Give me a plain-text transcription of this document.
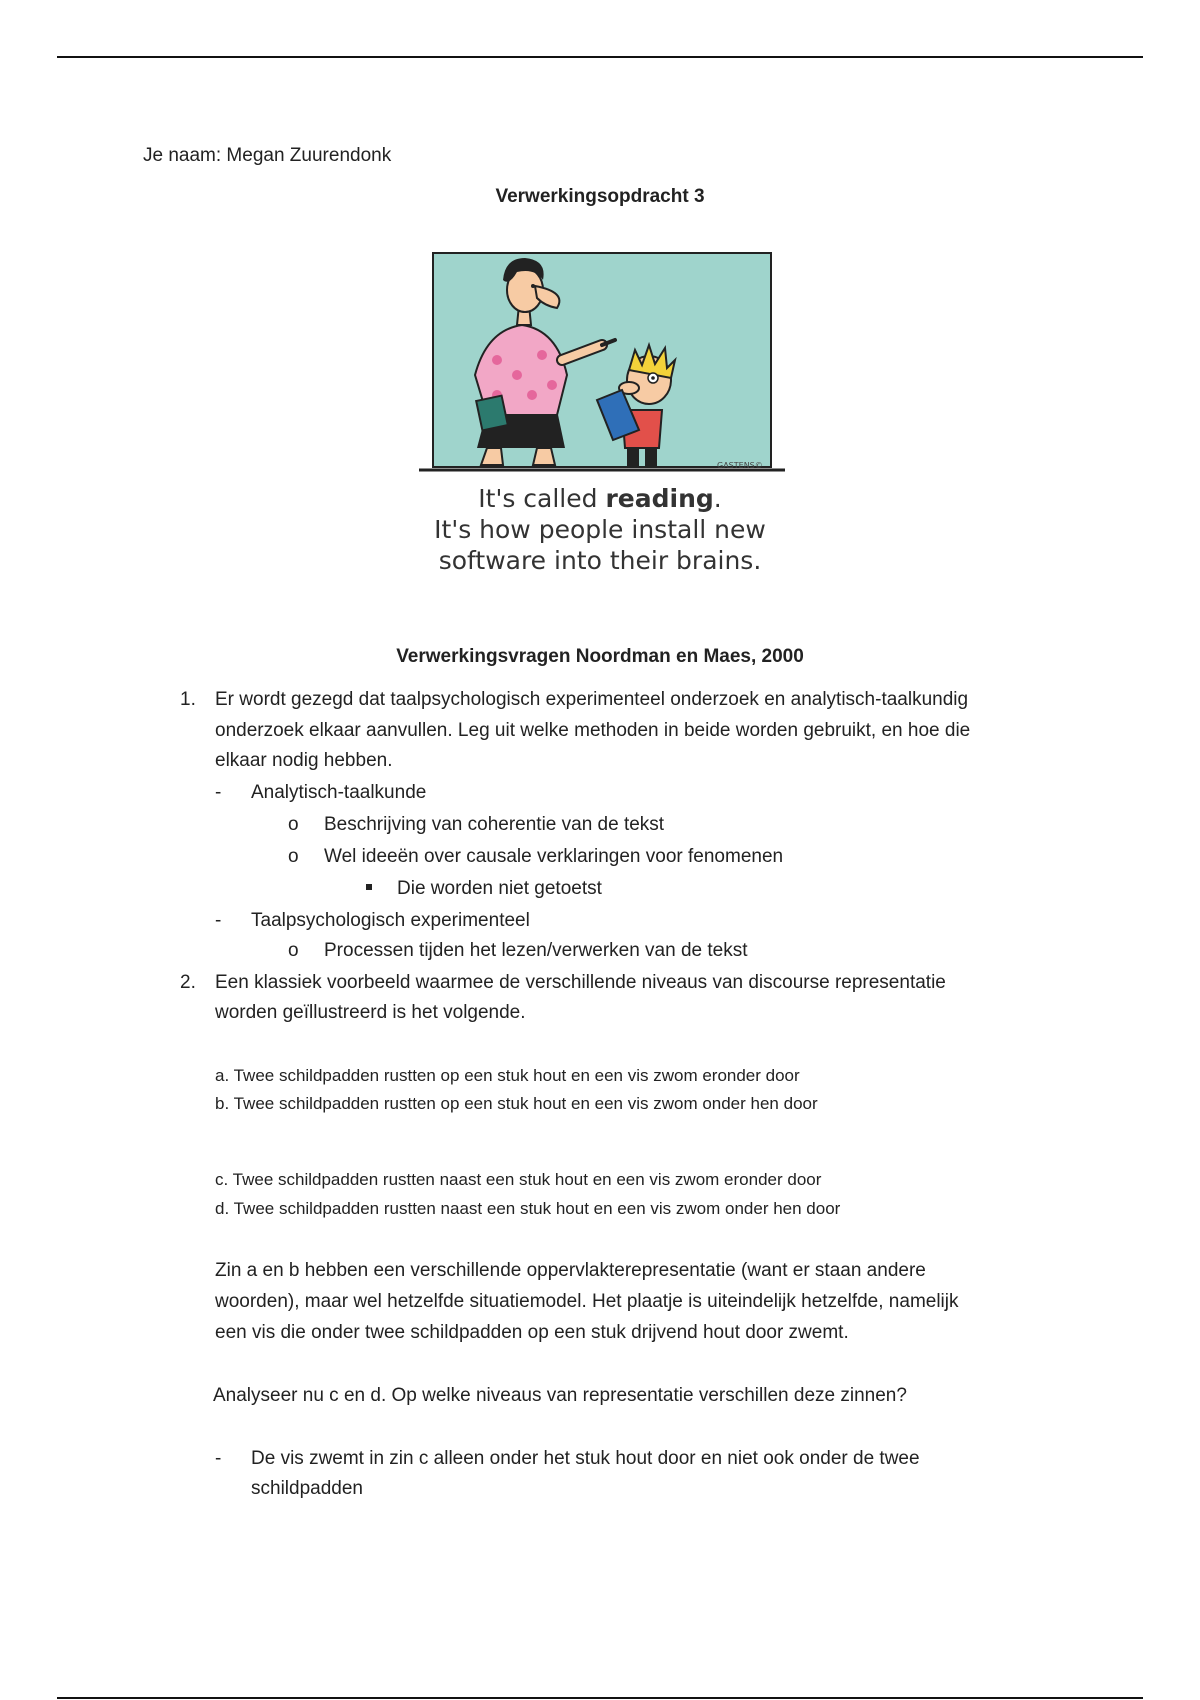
Je naam: Megan Zuurendonk
Verwerkingsopdracht 3
GASTENS©
It's called reading.
It's how people install new
software into their brains.
Verwerkingsvragen Noordman en Maes, 2000
1. Er wordt gezegd dat taalpsychologisch experimenteel onderzoek en analytisch-taalkundig
onderzoek elkaar aanvullen. Leg uit welke methoden in beide worden gebruikt, en hoe die
elkaar nodig hebben.
- Analytisch-taalkunde
o Beschrijving van coherentie van de tekst
o Wel ideeën over causale verklaringen voor fenomenen
Die worden niet getoetst
- Taalpsychologisch experimenteel
o Processen tijden het lezen/verwerken van de tekst
2. Een klassiek voorbeeld waarmee de verschillende niveaus van discourse representatie
worden geïllustreerd is het volgende.
a. Twee schildpadden rustten op een stuk hout en een vis zwom eronder door
b. Twee schildpadden rustten op een stuk hout en een vis zwom onder hen door
c. Twee schildpadden rustten naast een stuk hout en een vis zwom eronder door
d. Twee schildpadden rustten naast een stuk hout en een vis zwom onder hen door
Zin a en b hebben een verschillende oppervlakterepresentatie (want er staan andere
woorden), maar wel hetzelfde situatiemodel. Het plaatje is uiteindelijk hetzelfde, namelijk
een vis die onder twee schildpadden op een stuk drijvend hout door zwemt.
Analyseer nu c en d. Op welke niveaus van representatie verschillen deze zinnen?
- De vis zwemt in zin c alleen onder het stuk hout door en niet ook onder de twee
schildpadden
